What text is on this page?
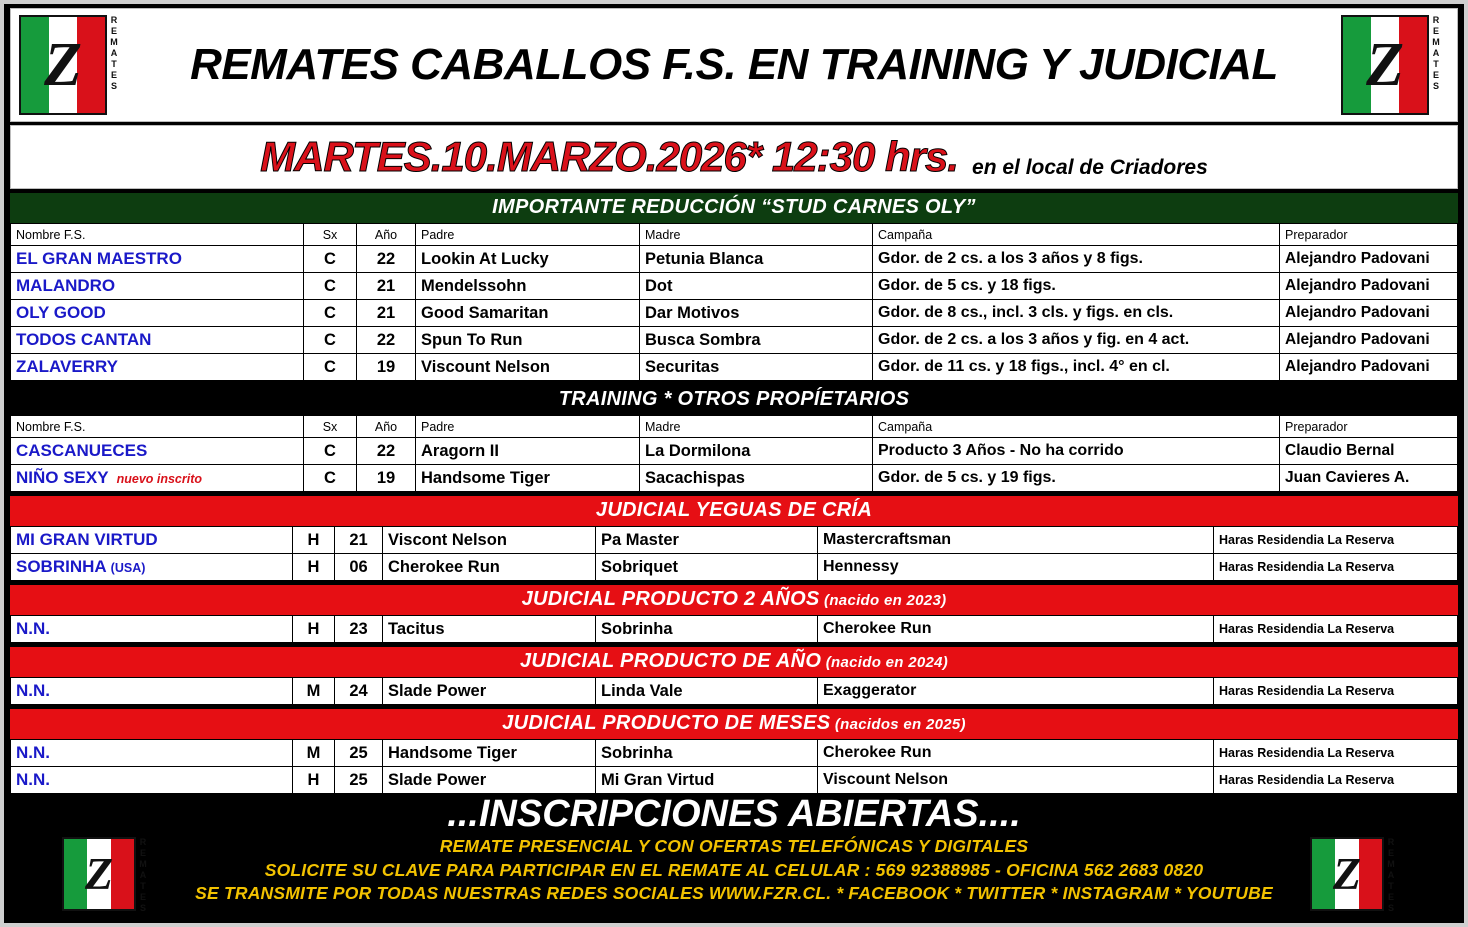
Z	REMATES	REMATES CABALLOS F.S. EN TRAINING Y JUDICIAL	Z	REMATES
MARTES.10.MARZO.2026* 12:30 hrs. en el local de Criadores
IMPORTANTE REDUCCIÓN “STUD CARNES OLY”
Nombre F.S.	Sx	Año	Padre	Madre	Campaña	Preparador
EL GRAN MAESTRO	C	22	Lookin At Lucky	Petunia Blanca	Gdor. de 2 cs. a los 3 años y 8 figs.	Alejandro Padovani
MALANDRO	C	21	Mendelssohn	Dot	Gdor. de 5 cs. y 18 figs.	Alejandro Padovani
OLY GOOD	C	21	Good Samaritan	Dar Motivos	Gdor. de 8 cs., incl. 3 cls. y figs. en cls.	Alejandro Padovani
TODOS CANTAN	C	22	Spun To Run	Busca Sombra	Gdor. de 2 cs. a los 3 años y fig. en 4 act.	Alejandro Padovani
ZALAVERRY	C	19	Viscount Nelson	Securitas	Gdor. de 11 cs. y 18 figs., incl. 4° en cl.	Alejandro Padovani
TRAINING * OTROS PROPÍETARIOS
Nombre F.S.	Sx	Año	Padre	Madre	Campaña	Preparador
CASCANUECES	C	22	Aragorn II	La Dormilona	Producto 3 Años - No ha corrido	Claudio Bernal
NIÑO SEXY nuevo inscrito	C	19	Handsome Tiger	Sacachispas	Gdor. de 5 cs. y 19 figs.	Juan Cavieres A.
JUDICIAL YEGUAS DE CRÍA
MI GRAN VIRTUD	H	21	Viscont Nelson	Pa Master	Mastercraftsman	Haras Residendia La Reserva
SOBRINHA (USA)	H	06	Cherokee Run	Sobriquet	Hennessy	Haras Residendia La Reserva
JUDICIAL PRODUCTO 2 AÑOS (nacido en 2023)
N.N.	H	23	Tacitus	Sobrinha	Cherokee Run	Haras Residendia La Reserva
JUDICIAL PRODUCTO DE AÑO (nacido en 2024)
N.N.	M	24	Slade Power	Linda Vale	Exaggerator	Haras Residendia La Reserva
JUDICIAL PRODUCTO DE MESES (nacidos en 2025)
N.N.	M	25	Handsome Tiger	Sobrinha	Cherokee Run	Haras Residendia La Reserva
N.N.	H	25	Slade Power	Mi Gran Virtud	Viscount Nelson	Haras Residendia La Reserva
Z	REMATES
...INSCRIPCIONES ABIERTAS....
REMATE PRESENCIAL Y CON OFERTAS TELEFÓNICAS Y DIGITALES
SOLICITE SU CLAVE PARA PARTICIPAR EN EL REMATE AL CELULAR : 569 92388985 - OFICINA 562 2683 0820
SE TRANSMITE POR TODAS NUESTRAS REDES SOCIALES WWW.FZR.CL. * FACEBOOK * TWITTER * INSTAGRAM * YOUTUBE	Z	REMATES
